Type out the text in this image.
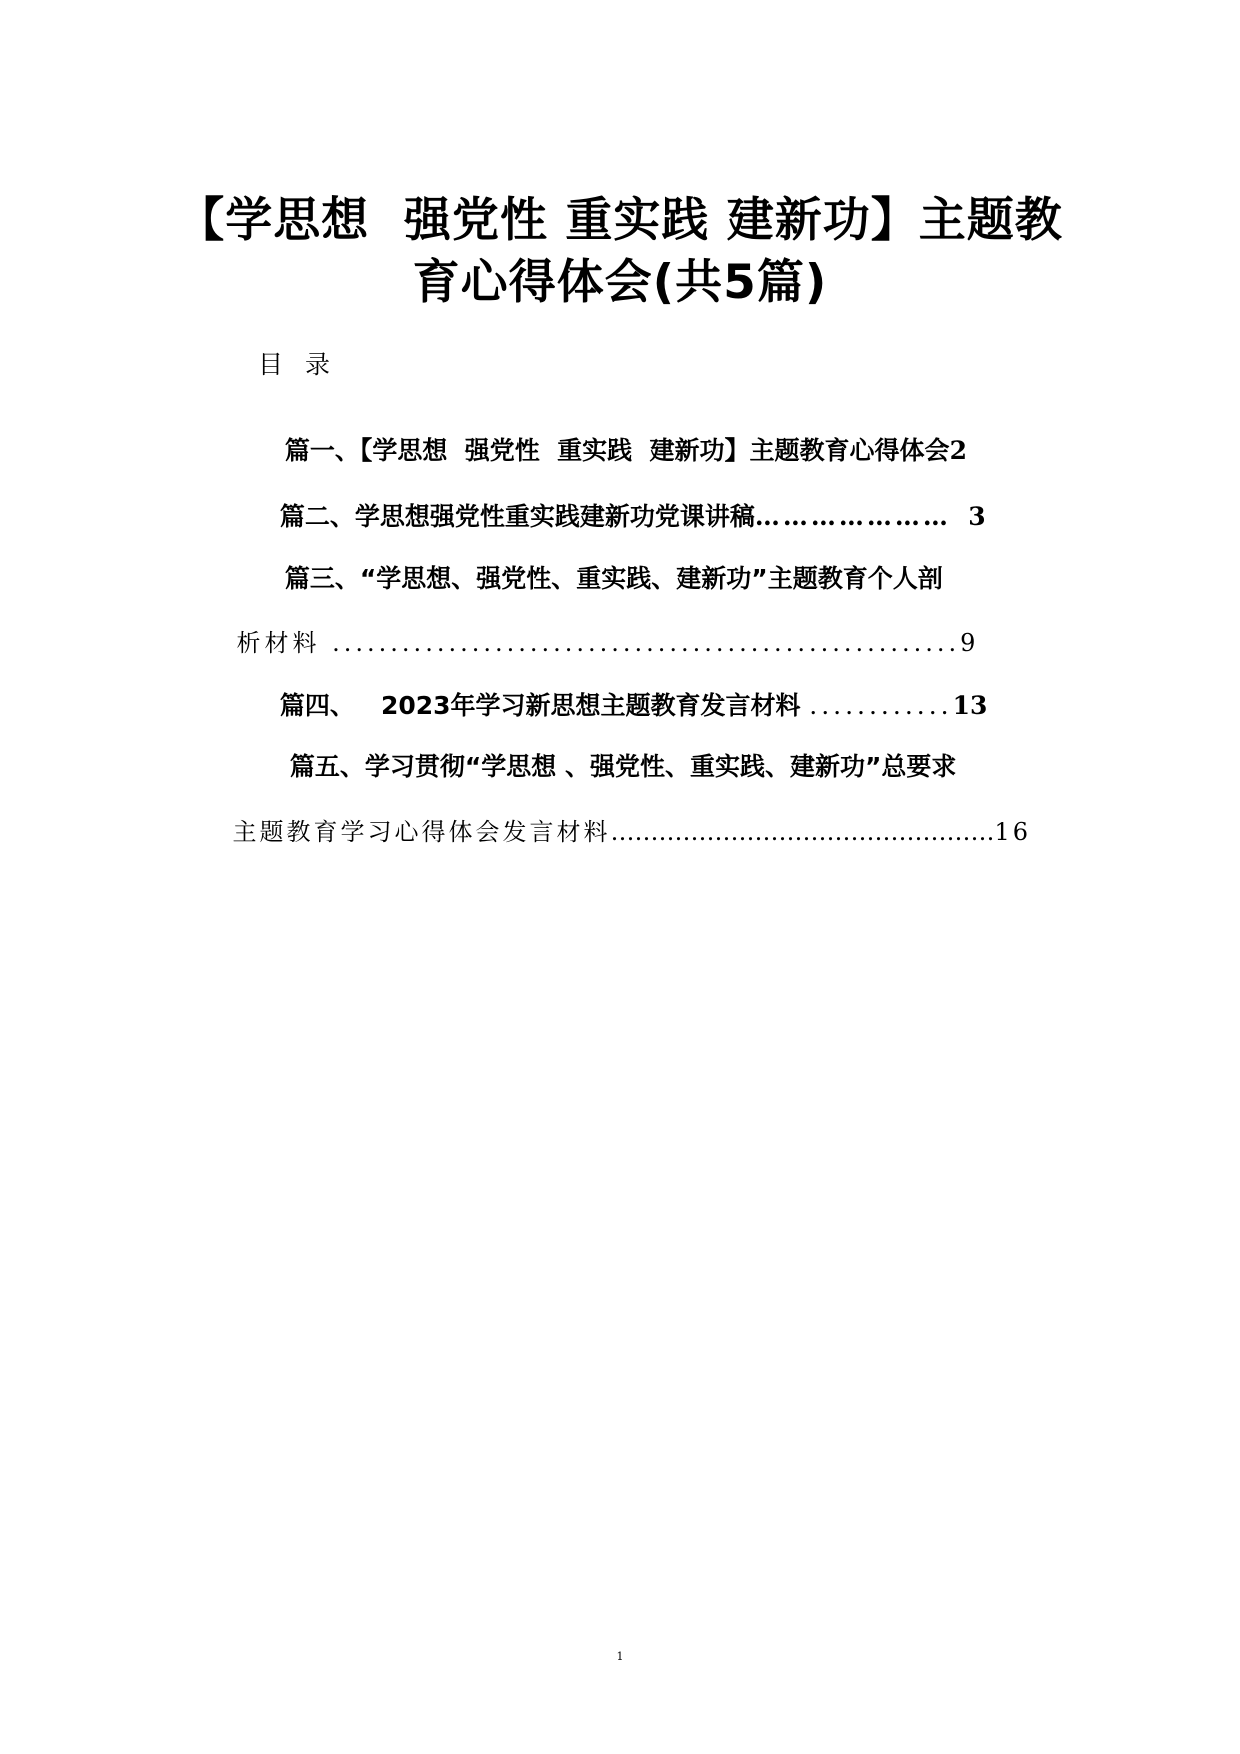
【学思想  强党性 重实践 建新功】主题教
育心得体会(共5篇)
目录

篇一、【学思想  强党性  重实践  建新功】主题教育心得体会2

篇二、学思想强党性重实践建新功党课讲稿………………… 3

篇三、“学思想、强党性、重实践、建新功”主题教育个人剖

析材料 ......................................................9

篇四、   2023年学习新思想主题教育发言材料 ............13

篇五、学习贯彻“学思想 、强党性、重实践、建新功”总要求

主题教育学习心得体会发言材料…………………………………………16

1
